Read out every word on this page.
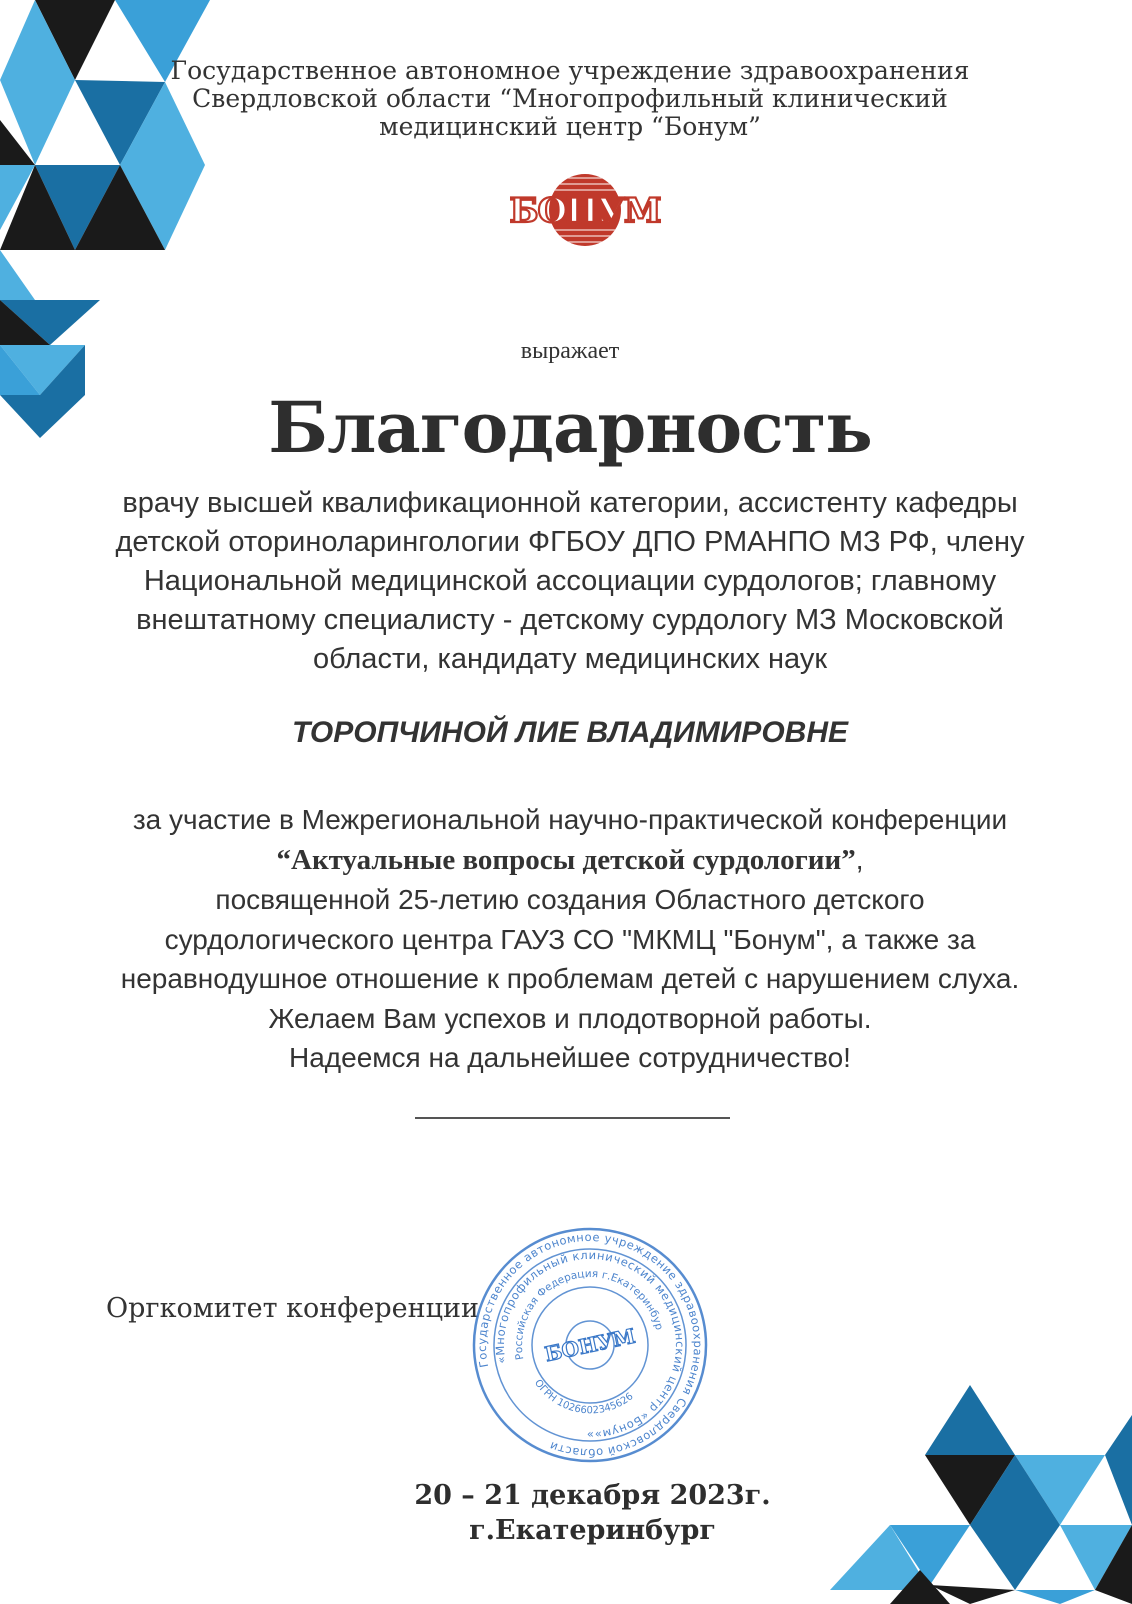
Государственное автономное учреждение здравоохранения
Свердловской области “Многопрофильный клинический
медицинский центр “Бонум”
БОНУМ
выражает
Благодарность
врачу высшей квалификационной категории, ассистенту кафедры
детской оториноларингологии ФГБОУ ДПО РМАНПО МЗ РФ, члену
Национальной медицинской ассоциации сурдологов; главному
внештатному специалисту - детскому сурдологу МЗ Московской
области, кандидату медицинских наук
ТОРОПЧИНОЙ ЛИЕ ВЛАДИМИРОВНЕ
за участие в Межрегиональной научно-практической конференции
“Актуальные вопросы детской сурдологии”,
посвященной 25-летию создания Областного детского
сурдологического центра ГАУЗ СО "МКМЦ "Бонум", а также за
неравнодушное отношение к проблемам детей с нарушением слуха.
Желаем Вам успехов и плодотворной работы.
Надеемся на дальнейшее сотрудничество!
Оргкомитет конференции
Государственное автономное учреждение здравоохранения Свердловской области
«Многопрофильный клинический медицинский центр «Бонум»»
Российская Федерация г.Екатеринбург
ОГРН 1026602345626
БОНУМ
20 – 21 декабря 2023г.
г.Екатеринбург
